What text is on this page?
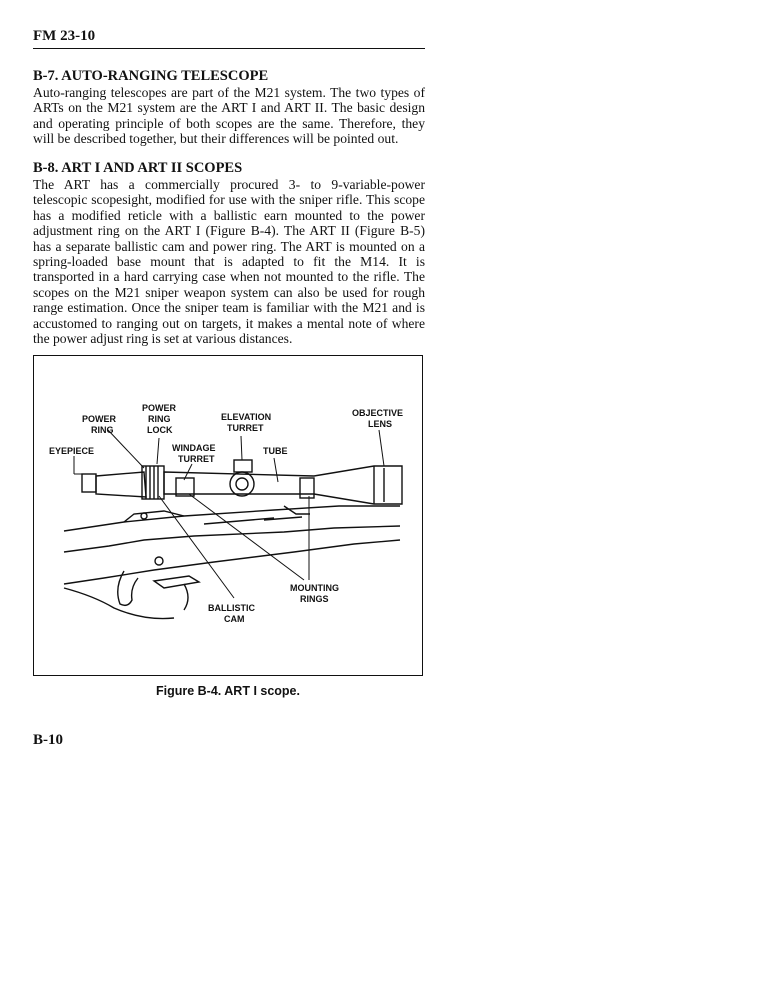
FM 23-10
B-7. AUTO-RANGING TELESCOPE
Auto-ranging telescopes are part of the M21 system. The two types of ARTs on the M21 system are the ART I and ART II. The basic design and operating principle of both scopes are the same. Therefore, they will be described together, but their differences will be pointed out.
B-8. ART I AND ART II SCOPES
The ART has a commercially procured 3- to 9-variable-power telescopic scopesight, modified for use with the sniper rifle. This scope has a modified reticle with a ballistic earn mounted to the power adjustment ring on the ART I (Figure B-4). The ART II (Figure B-5) has a separate ballistic cam and power ring. The ART is mounted on a spring-loaded base mount that is adapted to fit the M14. It is transported in a hard carrying case when not mounted to the rifle. The scopes on the M21 sniper weapon system can also be used for rough range estimation. Once the sniper team is familiar with the M21 and is accustomed to ranging out on targets, it makes a mental note of where the power adjust ring is set at various distances.
POWER RING
POWER RING LOCK
ELEVATION TURRET
OBJECTIVE LENS
EYEPIECE	WINDAGE TURRET
TUBE
MOUNTING RINGS
BALLISTIC CAM
Figure B-4. ART I scope.
B-10
